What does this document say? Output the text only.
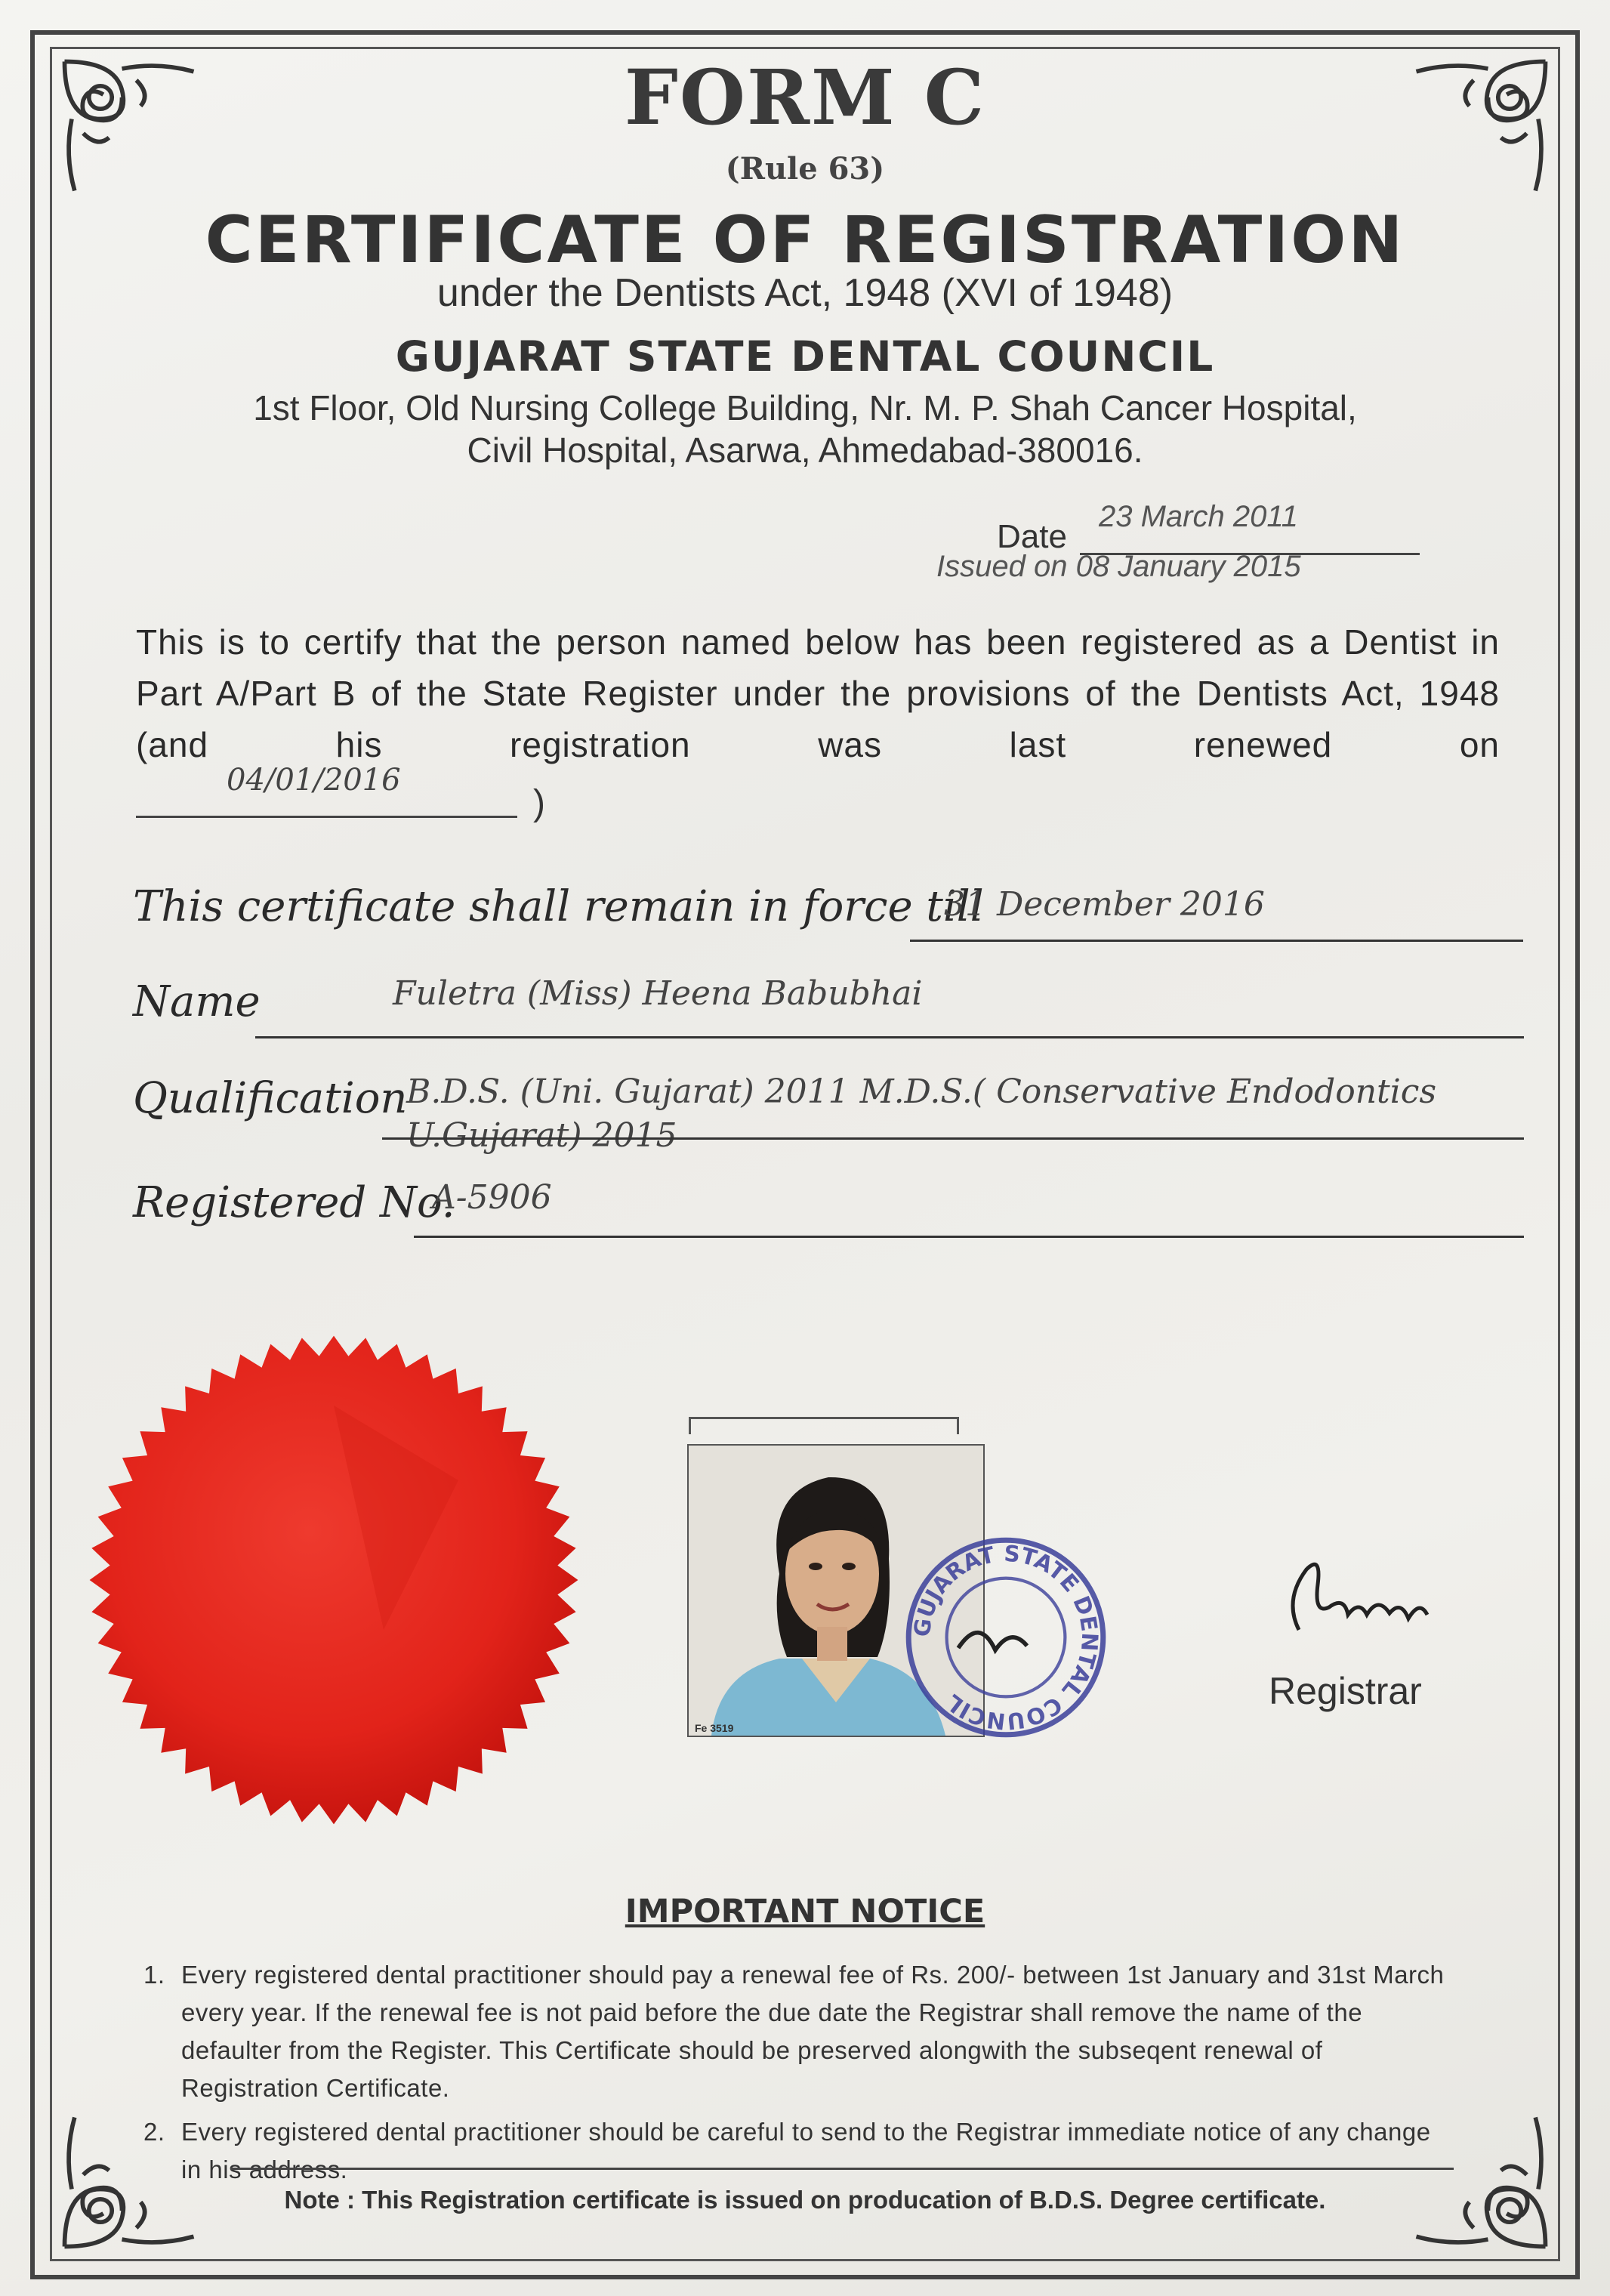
FORM C
(Rule 63)
CERTIFICATE OF REGISTRATION
under the Dentists Act, 1948 (XVI of 1948)
GUJARAT STATE DENTAL COUNCIL
1st Floor, Old Nursing College Building, Nr. M. P. Shah Cancer Hospital,
Civil Hospital, Asarwa, Ahmedabad-380016.
Date
23 March 2011
Issued on 08 January 2015
This is to certify that the person named below has been registered as a Dentist in Part A/Part B of the State Register under the provisions of the Dentists Act, 1948 (and his registration was last renewed on
04/01/2016
)
This certificate shall remain in force till
31 December 2016
Name	Fuletra (Miss) Heena Babubhai
Qualification
B.D.S. (Uni. Gujarat) 2011 M.D.S.( Conservative Endodontics
U.Gujarat) 2015
Registered No.
A-5906
Fe 3519
GUJARAT STATE DENTAL COUNCIL	Registrar
IMPORTANT NOTICE
1. Every registered dental practitioner should pay a renewal fee of Rs. 200/- between 1st January and 31st March every year. If the renewal fee is not paid before the due date the Registrar shall remove the name of the defaulter from the Register. This Certificate should be preserved alongwith the subseqent renewal of Registration Certificate.
2. Every registered dental practitioner should be careful to send to the Registrar immediate notice of any change in his address.
Note : This Registration certificate is issued on producation of B.D.S. Degree certificate.
